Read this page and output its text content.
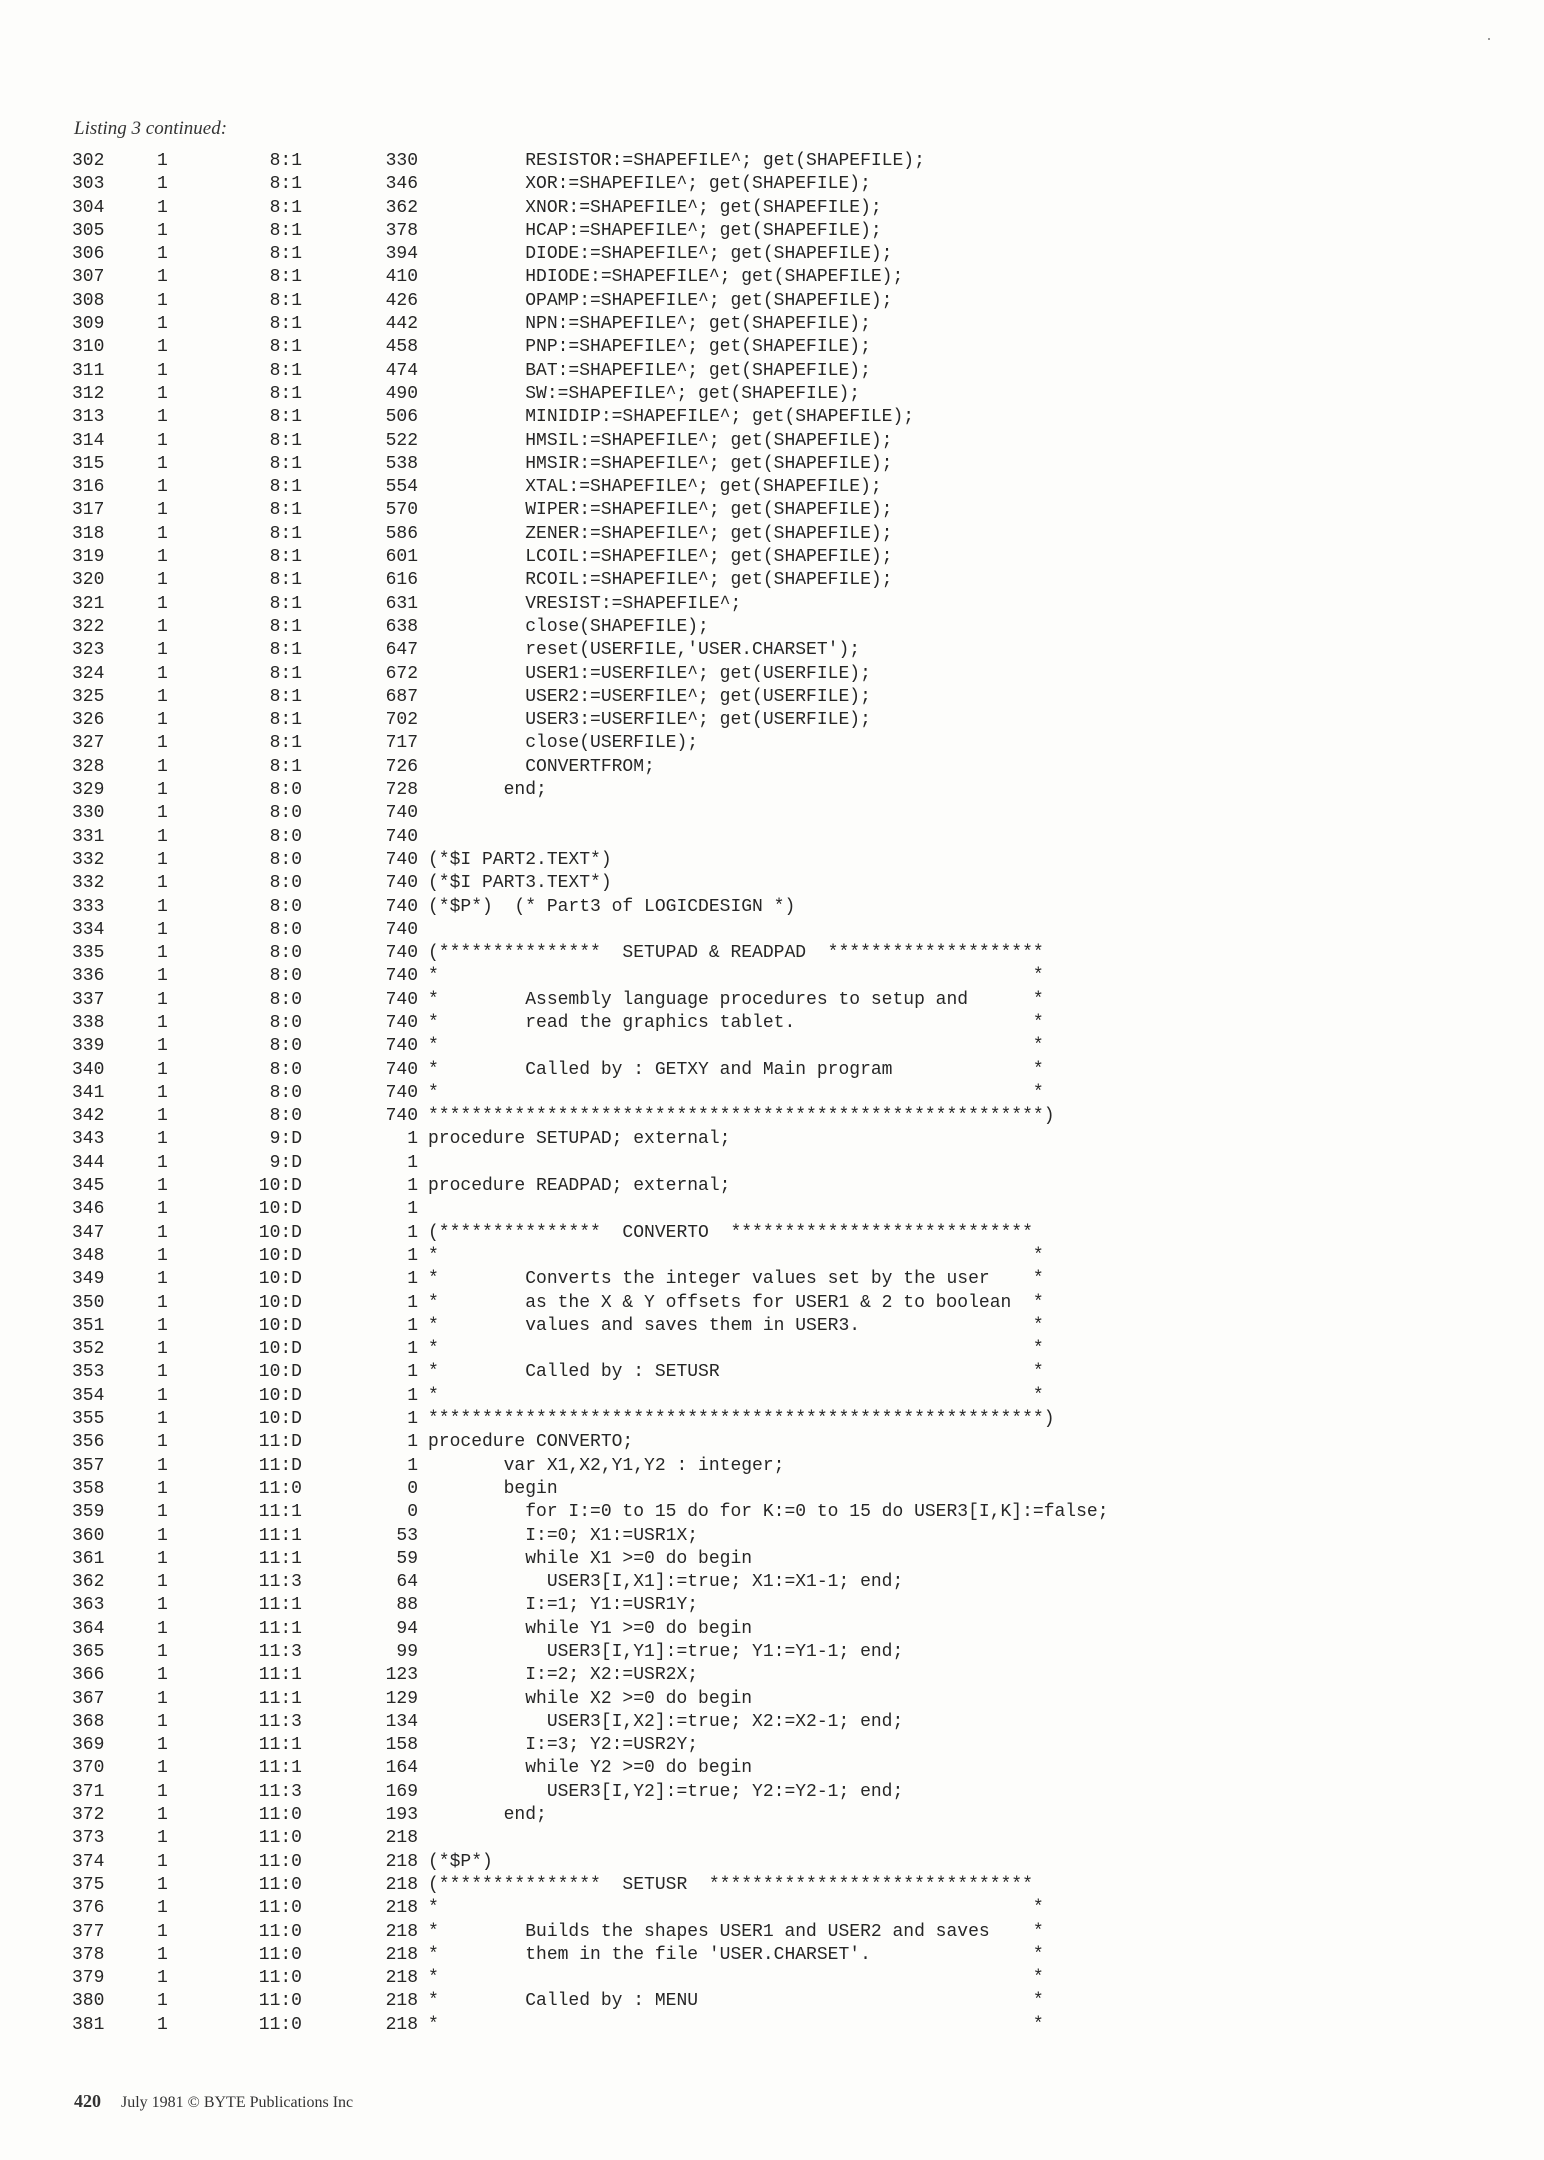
Listing 3 continued:
302	1	8:1	330 RESISTOR:=SHAPEFILE^; get(SHAPEFILE);
303	1	8:1	346 XOR:=SHAPEFILE^; get(SHAPEFILE);
304	1	8:1	362 XNOR:=SHAPEFILE^; get(SHAPEFILE);
305	1	8:1	378 HCAP:=SHAPEFILE^; get(SHAPEFILE);
306	1	8:1	394 DIODE:=SHAPEFILE^; get(SHAPEFILE);
307	1	8:1	410 HDIODE:=SHAPEFILE^; get(SHAPEFILE);
308	1	8:1	426 OPAMP:=SHAPEFILE^; get(SHAPEFILE);
309	1	8:1	442 NPN:=SHAPEFILE^; get(SHAPEFILE);
310	1	8:1	458 PNP:=SHAPEFILE^; get(SHAPEFILE);
311	1	8:1	474 BAT:=SHAPEFILE^; get(SHAPEFILE);
312	1	8:1	490 SW:=SHAPEFILE^; get(SHAPEFILE);
313	1	8:1	506 MINIDIP:=SHAPEFILE^; get(SHAPEFILE);
314	1	8:1	522 HMSIL:=SHAPEFILE^; get(SHAPEFILE);
315	1	8:1	538 HMSIR:=SHAPEFILE^; get(SHAPEFILE);
316	1	8:1	554 XTAL:=SHAPEFILE^; get(SHAPEFILE);
317	1	8:1	570 WIPER:=SHAPEFILE^; get(SHAPEFILE);
318	1	8:1	586 ZENER:=SHAPEFILE^; get(SHAPEFILE);
319	1	8:1	601 LCOIL:=SHAPEFILE^; get(SHAPEFILE);
320	1	8:1	616 RCOIL:=SHAPEFILE^; get(SHAPEFILE);
321	1	8:1	631 VRESIST:=SHAPEFILE^;
322	1	8:1	638 close(SHAPEFILE);
323	1	8:1	647 reset(USERFILE,'USER.CHARSET');
324	1	8:1	672 USER1:=USERFILE^; get(USERFILE);
325	1	8:1	687 USER2:=USERFILE^; get(USERFILE);
326	1	8:1	702 USER3:=USERFILE^; get(USERFILE);
327	1	8:1	717 close(USERFILE);
328	1	8:1	726 CONVERTFROM;
329	1	8:0	728 end;
330	1	8:0	740
331	1	8:0	740
332	1	8:0	740 (*$I PART2.TEXT*)
332	1	8:0	740 (*$I PART3.TEXT*)
333	1	8:0	740 (*$P*)  (* Part3 of LOGICDESIGN *)
334	1	8:0	740
335	1	8:0	740 (***************  SETUPAD & READPAD  ********************
336	1	8:0	740 *                                                       *
337	1	8:0	740 *        Assembly language procedures to setup and      *
338	1	8:0	740 *        read the graphics tablet.                      *
339	1	8:0	740 *                                                       *
340	1	8:0	740 *        Called by : GETXY and Main program             *
341	1	8:0	740 *                                                       *
342	1	8:0	740 *********************************************************)
343	1	9:D	1 procedure SETUPAD; external;
344	1	9:D	1
345	1	10:D	1 procedure READPAD; external;
346	1	10:D	1
347	1	10:D	1 (***************  CONVERTO  ****************************
348	1	10:D	1 *                                                       *
349	1	10:D	1 *        Converts the integer values set by the user    *
350	1	10:D	1 *        as the X & Y offsets for USER1 & 2 to boolean  *
351	1	10:D	1 *        values and saves them in USER3.                *
352	1	10:D	1 *                                                       *
353	1	10:D	1 *        Called by : SETUSR                             *
354	1	10:D	1 *                                                       *
355	1	10:D	1 *********************************************************)
356	1	11:D	1 procedure CONVERTO;
357	1	11:D	1 var X1,X2,Y1,Y2 : integer;
358	1	11:0	0 begin
359	1	11:1	0 for I:=0 to 15 do for K:=0 to 15 do USER3[I,K]:=false;
360	1	11:1	53 I:=0; X1:=USR1X;
361	1	11:1	59 while X1 >=0 do begin
362	1	11:3	64 USER3[I,X1]:=true; X1:=X1-1; end;
363	1	11:1	88 I:=1; Y1:=USR1Y;
364	1	11:1	94 while Y1 >=0 do begin
365	1	11:3	99 USER3[I,Y1]:=true; Y1:=Y1-1; end;
366	1	11:1	123 I:=2; X2:=USR2X;
367	1	11:1	129 while X2 >=0 do begin
368	1	11:3	134 USER3[I,X2]:=true; X2:=X2-1; end;
369	1	11:1	158 I:=3; Y2:=USR2Y;
370	1	11:1	164 while Y2 >=0 do begin
371	1	11:3	169 USER3[I,Y2]:=true; Y2:=Y2-1; end;
372	1	11:0	193 end;
373	1	11:0	218
374	1	11:0	218 (*$P*)
375	1	11:0	218 (***************  SETUSR  ******************************
376	1	11:0	218 *                                                       *
377	1	11:0	218 *        Builds the shapes USER1 and USER2 and saves    *
378	1	11:0	218 *        them in the file 'USER.CHARSET'.               *
379	1	11:0	218 *                                                       *
380	1	11:0	218 *        Called by : MENU                               *
381	1	11:0	218 *                                                       *
420 July 1981 © BYTE Publications Inc
